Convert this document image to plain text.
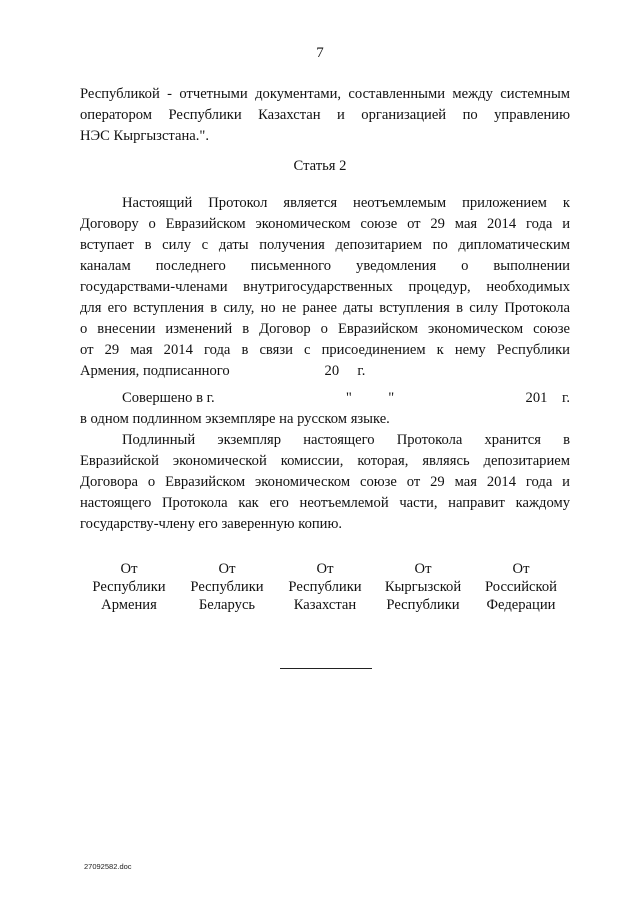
7
Республикой - отчетными документами, составленными между системным
оператором Республики Казахстан и организацией по управлению
НЭС Кыргызстана.".
Статья 2
Настоящий Протокол является неотъемлемым приложением к
Договору о Евразийском экономическом союзе от 29 мая 2014 года и
вступает в силу с даты получения депозитарием по дипломатическим
каналам последнего письменного уведомления о выполнении
государствами-членами внутригосударственных процедур, необходимых
для его вступления в силу, но не ранее даты вступления в силу Протокола
о внесении изменений в Договор о Евразийском экономическом союзе
от 29 мая 2014 года в связи с присоединением к нему Республики
Армения, подписанного                          20     г.
Совершено в г.	"          "	201    г.
в одном подлинном экземпляре на русском языке.
Подлинный экземпляр настоящего Протокола хранится в
Евразийской экономической комиссии, которая, являясь депозитарием
Договора о Евразийском экономическом союзе от 29 мая 2014 года и
настоящего Протокола как его неотъемлемой части, направит каждому
государству-члену его заверенную копию.
От
Республики
Армения
От
Республики
Беларусь
От
Республики
Казахстан
От
Кыргызской
Республики
От
Российской
Федерации
27092582.doc
